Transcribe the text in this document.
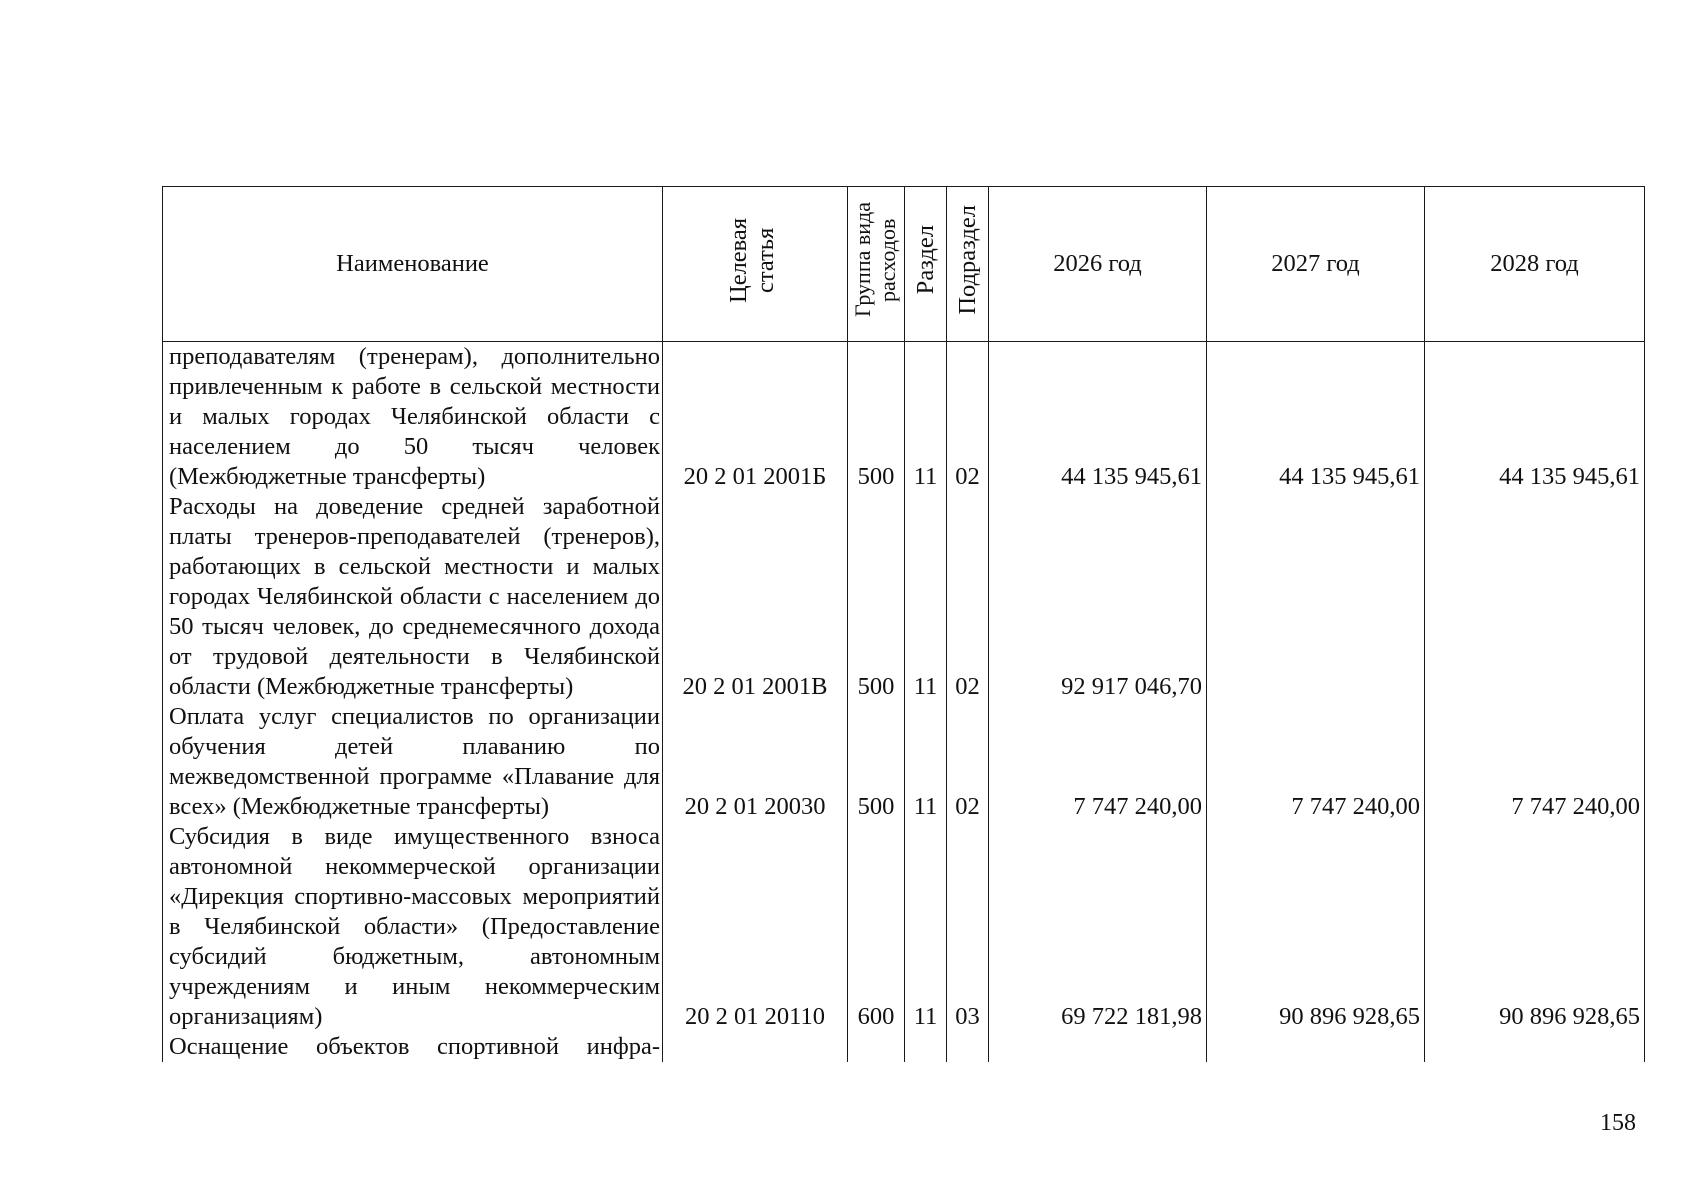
Наименование	Целевая статья	Группа вида расходов	Раздел	Подраздел	2026 год	2027 год	2028 год
преподавателям (тренерам), дополнительно привлеченным к работе в сельской местности и малых городах Челябинской области с населением до 50 тысяч человек (Межбюджетные трансферты)	20 2 01 2001Б	500	11	02	44 135 945,61	44 135 945,61	44 135 945,61
Расходы на доведение средней заработной платы тренеров-преподавателей (тренеров), работающих в сельской местности и малых городах Челябинской области с населением до 50 тысяч человек, до среднемесячного дохода от трудовой деятельности в Челябинской области (Межбюджетные трансферты)	20 2 01 2001В	500	11	02	92 917 046,70		
Оплата услуг специалистов по организации обучения детей плаванию по межведомственной программе «Плавание для всех» (Межбюджетные трансферты)	20 2 01 20030	500	11	02	7 747 240,00	7 747 240,00	7 747 240,00
Субсидия в виде имущественного взноса автономной некоммерческой организации «Дирекция спортивно-массовых мероприятий в Челябинской области» (Предоставление субсидий бюджетным, автономным учреждениям и иным некоммерческим организациям)	20 2 01 20110	600	11	03	69 722 181,98	90 896 928,65	90 896 928,65
Оснащение объектов спортивной инфра-							
158
